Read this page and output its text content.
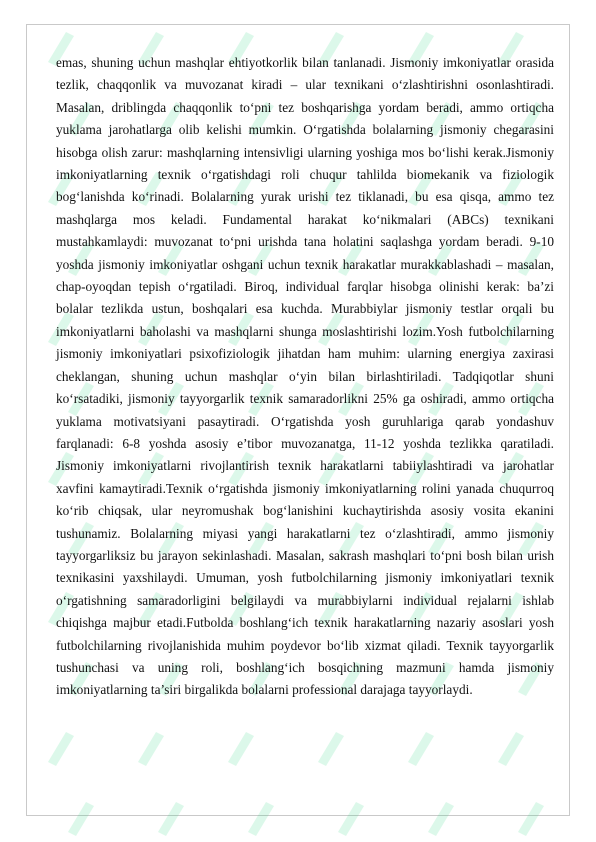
emas, shuning uchun mashqlar ehtiyotkorlik bilan tanlanadi. Jismoniy imkoniyatlar orasida tezlik, chaqqonlik va muvozanat kiradi – ular texnikani o‘zlashtirishni osonlashtiradi. Masalan, driblingda chaqqonlik to‘pni tez boshqarishga yordam beradi, ammo ortiqcha yuklama jarohatlarga olib kelishi mumkin. O‘rgatishda bolalarning jismoniy chegarasini hisobga olish zarur: mashqlarning intensivligi ularning yoshiga mos bo‘lishi kerak.Jismoniy imkoniyatlarning texnik o‘rgatishdagi roli chuqur tahlilda biomekanik va fiziologik bog‘lanishda ko‘rinadi. Bolalarning yurak urishi tez tiklanadi, bu esa qisqa, ammo tez mashqlarga mos keladi. Fundamental harakat ko‘nikmalari (ABCs) texnikani mustahkamlaydi: muvozanat to‘pni urishda tana holatini saqlashga yordam beradi. 9-10 yoshda jismoniy imkoniyatlar oshgani uchun texnik harakatlar murakkablashadi – masalan, chap-oyoqdan tepish o‘rgatiladi. Biroq, individual farqlar hisobga olinishi kerak: ba’zi bolalar tezlikda ustun, boshqalari esa kuchda. Murabbiylar jismoniy testlar orqali bu imkoniyatlarni baholashi va mashqlarni shunga moslashtirishi lozim.Yosh futbolchilarning jismoniy imkoniyatlari psixofiziologik jihatdan ham muhim: ularning energiya zaxirasi cheklangan, shuning uchun mashqlar o‘yin bilan birlashtiriladi. Tadqiqotlar shuni ko‘rsatadiki, jismoniy tayyorgarlik texnik samaradorlikni 25% ga oshiradi, ammo ortiqcha yuklama motivatsiyani pasaytiradi. O‘rgatishda yosh guruhlariga qarab yondashuv farqlanadi: 6-8 yoshda asosiy e’tibor muvozanatga, 11-12 yoshda tezlikka qaratiladi. Jismoniy imkoniyatlarni rivojlantirish texnik harakatlarni tabiiylashtiradi va jarohatlar xavfini kamaytiradi.Texnik o‘rgatishda jismoniy imkoniyatlarning rolini yanada chuqurroq ko‘rib chiqsak, ular neyromushak bog‘lanishini kuchaytirishda asosiy vosita ekanini tushunamiz. Bolalarning miyasi yangi harakatlarni tez o‘zlashtiradi, ammo jismoniy tayyorgarliksiz bu jarayon sekinlashadi. Masalan, sakrash mashqlari to‘pni bosh bilan urish texnikasini yaxshilaydi. Umuman, yosh futbolchilarning jismoniy imkoniyatlari texnik o‘rgatishning samaradorligini belgilaydi va murabbiylarni individual rejalarni ishlab chiqishga majbur etadi.Futbolda boshlang‘ich texnik harakatlarning nazariy asoslari yosh futbolchilarning rivojlanishida muhim poydevor bo‘lib xizmat qiladi. Texnik tayyorgarlik tushunchasi va uning roli, boshlang‘ich bosqichning mazmuni hamda jismoniy imkoniyatlarning ta’siri birgalikda bolalarni professional darajaga tayyorlaydi.
